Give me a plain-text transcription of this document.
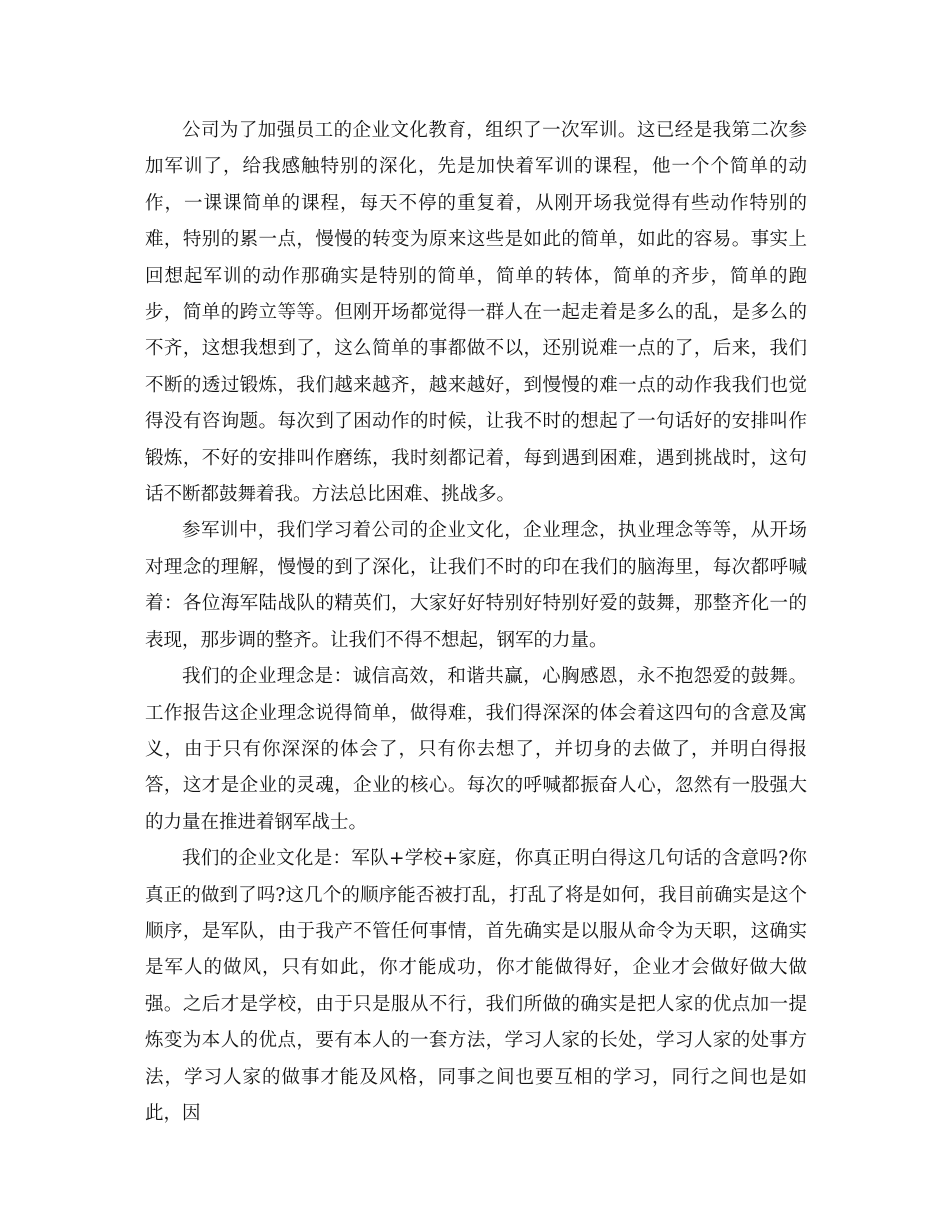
公司为了加强员工的企业文化教育，组织了一次军训。这已经是我第二次参加军训了，给我感触特别的深化，先是加快着军训的课程，他一个个简单的动作，一课课简单的课程，每天不停的重复着，从刚开场我觉得有些动作特别的难，特别的累一点，慢慢的转变为原来这些是如此的简单，如此的容易。事实上回想起军训的动作那确实是特别的简单，简单的转体，简单的齐步，简单的跑步，简单的跨立等等。但刚开场都觉得一群人在一起走着是多么的乱，是多么的不齐，这想我想到了，这么简单的事都做不以，还别说难一点的了，后来，我们不断的透过锻炼，我们越来越齐，越来越好，到慢慢的难一点的动作我我们也觉得没有咨询题。每次到了困动作的时候，让我不时的想起了一句话好的安排叫作锻炼，不好的安排叫作磨练，我时刻都记着，每到遇到困难，遇到挑战时，这句话不断都鼓舞着我。方法总比困难、挑战多。

参军训中，我们学习着公司的企业文化，企业理念，执业理念等等，从开场对理念的理解，慢慢的到了深化，让我们不时的印在我们的脑海里，每次都呼喊着：各位海军陆战队的精英们，大家好好特别好特别好爱的鼓舞，那整齐化一的表现，那步调的整齐。让我们不得不想起，钢军的力量。

我们的企业理念是：诚信高效，和谐共赢，心胸感恩，永不抱怨爱的鼓舞。工作报告这企业理念说得简单，做得难，我们得深深的体会着这四句的含意及寓义，由于只有你深深的体会了，只有你去想了，并切身的去做了，并明白得报答，这才是企业的灵魂，企业的核心。每次的呼喊都振奋人心，忽然有一股强大的力量在推进着钢军战士。

我们的企业文化是：军队+学校+家庭，你真正明白得这几句话的含意吗?你真正的做到了吗?这几个的顺序能否被打乱，打乱了将是如何，我目前确实是这个顺序，是军队，由于我产不管任何事情，首先确实是以服从命令为天职，这确实是军人的做风，只有如此，你才能成功，你才能做得好，企业才会做好做大做强。之后才是学校，由于只是服从不行，我们所做的确实是把人家的优点加一提炼变为本人的优点，要有本人的一套方法，学习人家的长处，学习人家的处事方法，学习人家的做事才能及风格，同事之间也要互相的学习，同行之间也是如此，因
